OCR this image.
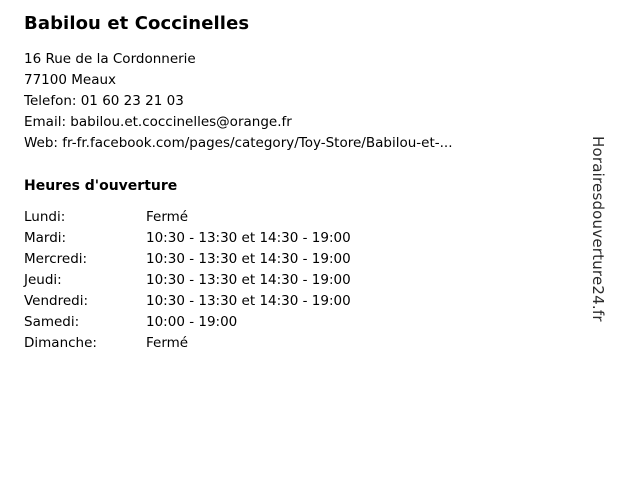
Babilou et Coccinelles
16 Rue de la Cordonnerie
77100 Meaux
Telefon: 01 60 23 21 03
Email: babilou.et.coccinelles@orange.fr
Web: fr-fr.facebook.com/pages/category/Toy-Store/Babilou-et-...
Heures d'ouverture
Lundi:	Fermé
Mardi:	10:30 - 13:30 et 14:30 - 19:00
Mercredi:	10:30 - 13:30 et 14:30 - 19:00
Jeudi:	10:30 - 13:30 et 14:30 - 19:00
Vendredi:	10:30 - 13:30 et 14:30 - 19:00
Samedi:	10:00 - 19:00
Dimanche:	Fermé
Horairesdouverture24.fr
